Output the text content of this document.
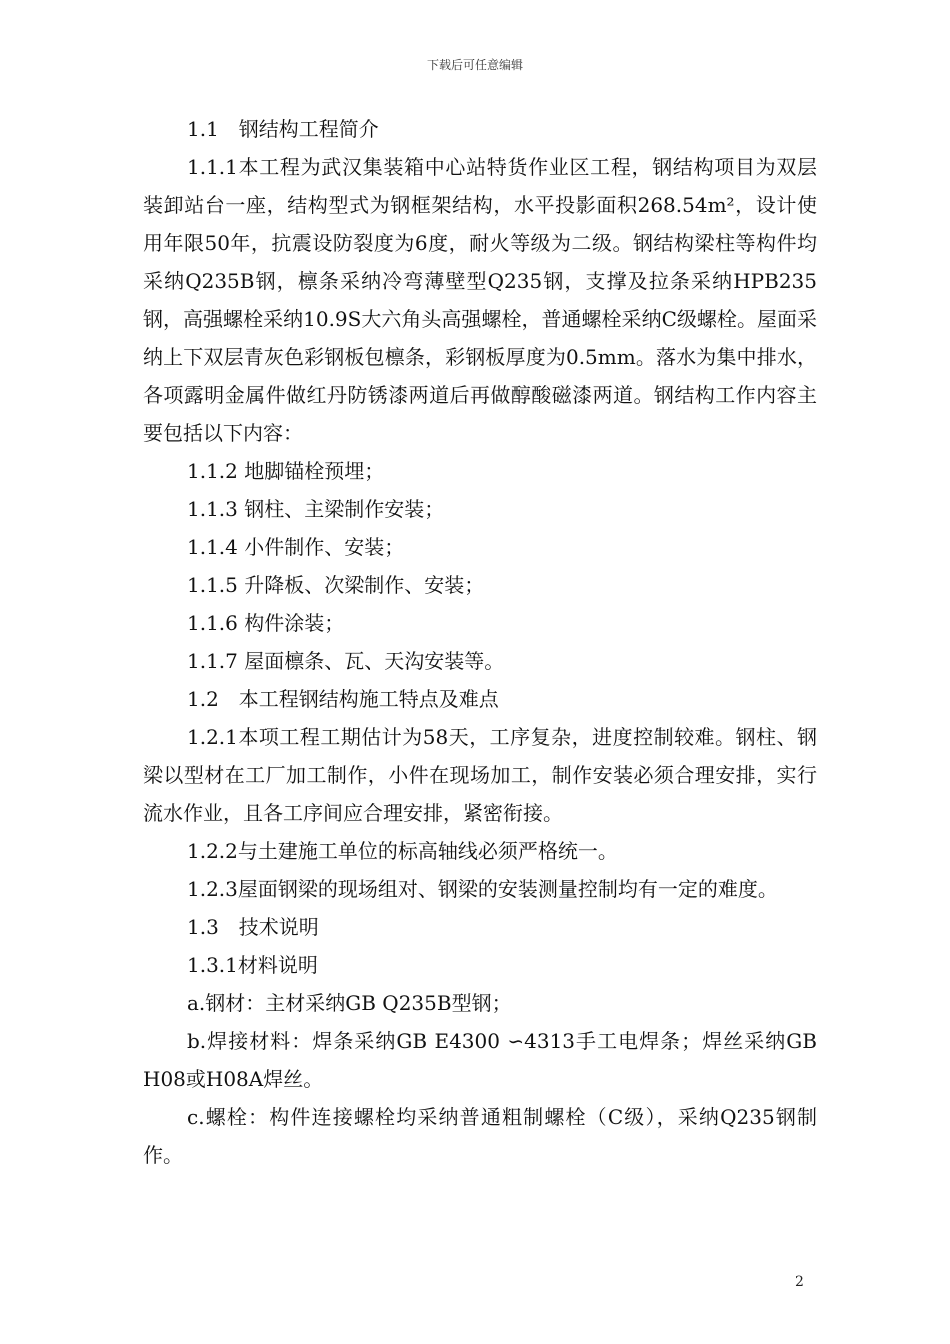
下载后可任意编辑

1.1　钢结构工程简介

1.1.1本工程为武汉集装箱中心站特货作业区工程，钢结构项目为双层装卸站台一座，结构型式为钢框架结构，水平投影面积268.54m²，设计使用年限50年，抗震设防裂度为6度，耐火等级为二级。钢结构梁柱等构件均采纳Q235B钢，檩条采纳冷弯薄壁型Q235钢，支撑及拉条采纳HPB235钢，高强螺栓采纳10.9S大六角头高强螺栓，普通螺栓采纳C级螺栓。屋面采纳上下双层青灰色彩钢板包檩条，彩钢板厚度为0.5mm。落水为集中排水，各项露明金属件做红丹防锈漆两道后再做醇酸磁漆两道。钢结构工作内容主要包括以下内容：

1.1.2 地脚锚栓预埋；

1.1.3 钢柱、主梁制作安装；

1.1.4 小件制作、安装；

1.1.5 升降板、次梁制作、安装；

1.1.6 构件涂装；

1.1.7 屋面檩条、瓦、天沟安装等。

1.2　本工程钢结构施工特点及难点

1.2.1本项工程工期估计为58天，工序复杂，进度控制较难。钢柱、钢梁以型材在工厂加工制作，小件在现场加工，制作安装必须合理安排，实行流水作业，且各工序间应合理安排，紧密衔接。

1.2.2与土建施工单位的标高轴线必须严格统一。

1.2.3屋面钢梁的现场组对、钢梁的安装测量控制均有一定的难度。

1.3　技术说明

1.3.1材料说明

a.钢材：主材采纳GB Q235B型钢；

b.焊接材料：焊条采纳GB E4300 ∽4313手工电焊条；焊丝采纳GB H08或H08A焊丝。

c.螺栓：构件连接螺栓均采纳普通粗制螺栓（C级），采纳Q235钢制作。

2
